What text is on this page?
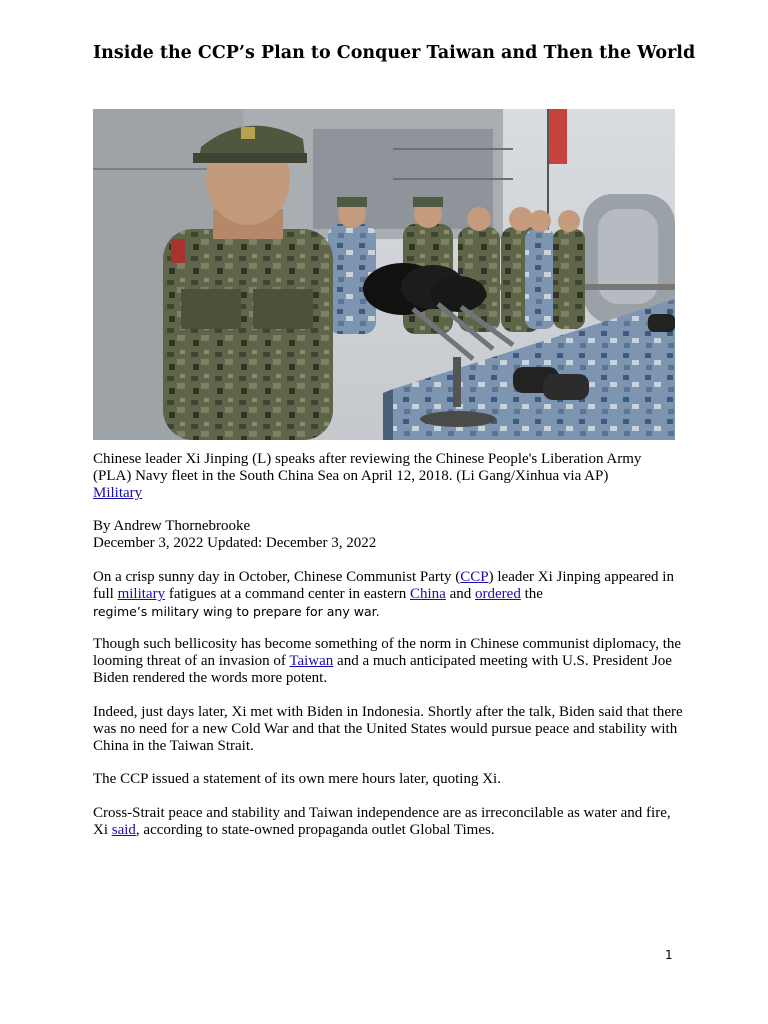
Inside the CCP’s Plan to Conquer Taiwan and Then the World

Chinese leader Xi Jinping (L) speaks after reviewing the Chinese People's Liberation Army (PLA) Navy fleet in the South China Sea on April 12, 2018. (Li Gang/Xinhua via AP)

Military

By Andrew Thornebrooke

December 3, 2022 Updated: December 3, 2022

On a crisp sunny day in October, Chinese Communist Party (CCP) leader Xi Jinping appeared in full military fatigues at a command center in eastern China and ordered the
regime’s military wing to prepare for any war.

Though such bellicosity has become something of the norm in Chinese communist diplomacy, the looming threat of an invasion of Taiwan and a much anticipated meeting with U.S. President Joe Biden rendered the words more potent.

Indeed, just days later, Xi met with Biden in Indonesia. Shortly after the talk, Biden said that there was no need for a new Cold War and that the United States would pursue peace and stability with China in the Taiwan Strait.

The CCP issued a statement of its own mere hours later, quoting Xi.

Cross-Strait peace and stability and Taiwan independence are as irreconcilable as water and fire, Xi said, according to state-owned propaganda outlet Global Times.

1
